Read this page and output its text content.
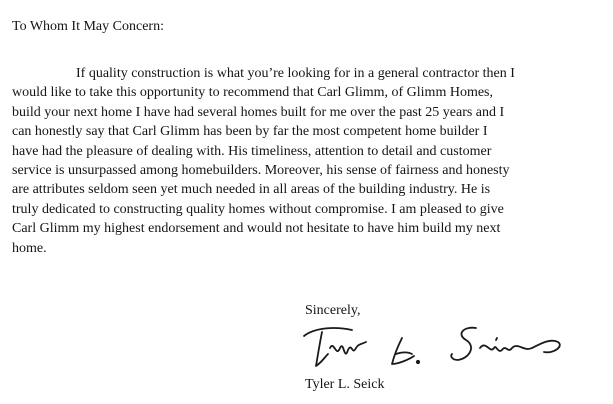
To Whom It May Concern:
If quality construction is what you’re looking for in a general contractor then I
would like to take this opportunity to recommend that Carl Glimm, of Glimm Homes,
build your next home I have had several homes built for me over the past 25 years and I
can honestly say that Carl Glimm has been by far the most competent home builder I
have had the pleasure of dealing with. His timeliness, attention to detail and customer
service is unsurpassed among homebuilders. Moreover, his sense of fairness and honesty
are attributes seldom seen yet much needed in all areas of the building industry. He is
truly dedicated to constructing quality homes without compromise. I am pleased to give
Carl Glimm my highest endorsement and would not hesitate to have him build my next
home.
Sincerely,
Tyler L. Seick
